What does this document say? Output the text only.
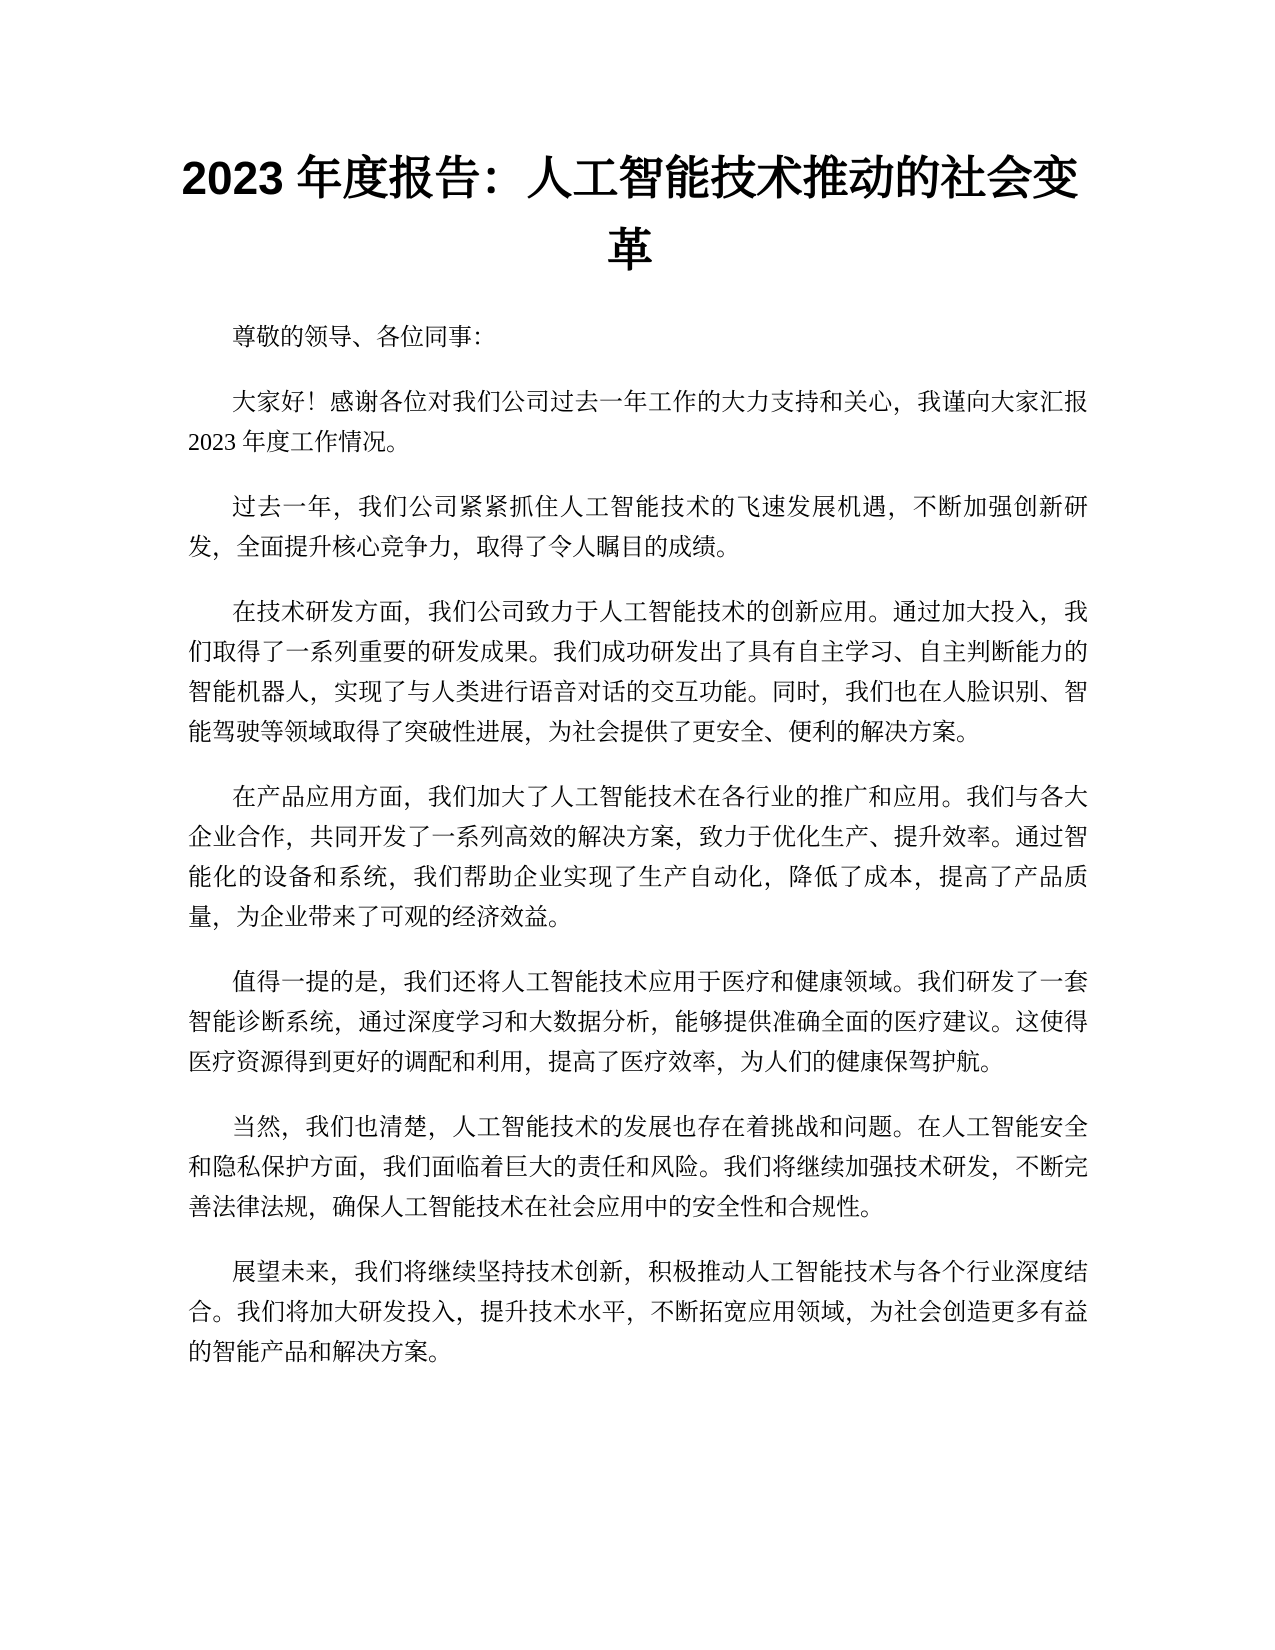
2023 年度报告：人工智能技术推动的社会变革

尊敬的领导、各位同事：

大家好！感谢各位对我们公司过去一年工作的大力支持和关心，我谨向大家汇报 2023 年度工作情况。

过去一年，我们公司紧紧抓住人工智能技术的飞速发展机遇，不断加强创新研发，全面提升核心竞争力，取得了令人瞩目的成绩。

在技术研发方面，我们公司致力于人工智能技术的创新应用。通过加大投入，我们取得了一系列重要的研发成果。我们成功研发出了具有自主学习、自主判断能力的智能机器人，实现了与人类进行语音对话的交互功能。同时，我们也在人脸识别、智能驾驶等领域取得了突破性进展，为社会提供了更安全、便利的解决方案。

在产品应用方面，我们加大了人工智能技术在各行业的推广和应用。我们与各大企业合作，共同开发了一系列高效的解决方案，致力于优化生产、提升效率。通过智能化的设备和系统，我们帮助企业实现了生产自动化，降低了成本，提高了产品质量，为企业带来了可观的经济效益。

值得一提的是，我们还将人工智能技术应用于医疗和健康领域。我们研发了一套智能诊断系统，通过深度学习和大数据分析，能够提供准确全面的医疗建议。这使得医疗资源得到更好的调配和利用，提高了医疗效率，为人们的健康保驾护航。

当然，我们也清楚，人工智能技术的发展也存在着挑战和问题。在人工智能安全和隐私保护方面，我们面临着巨大的责任和风险。我们将继续加强技术研发，不断完善法律法规，确保人工智能技术在社会应用中的安全性和合规性。

展望未来，我们将继续坚持技术创新，积极推动人工智能技术与各个行业深度结合。我们将加大研发投入，提升技术水平，不断拓宽应用领域，为社会创造更多有益的智能产品和解决方案。
